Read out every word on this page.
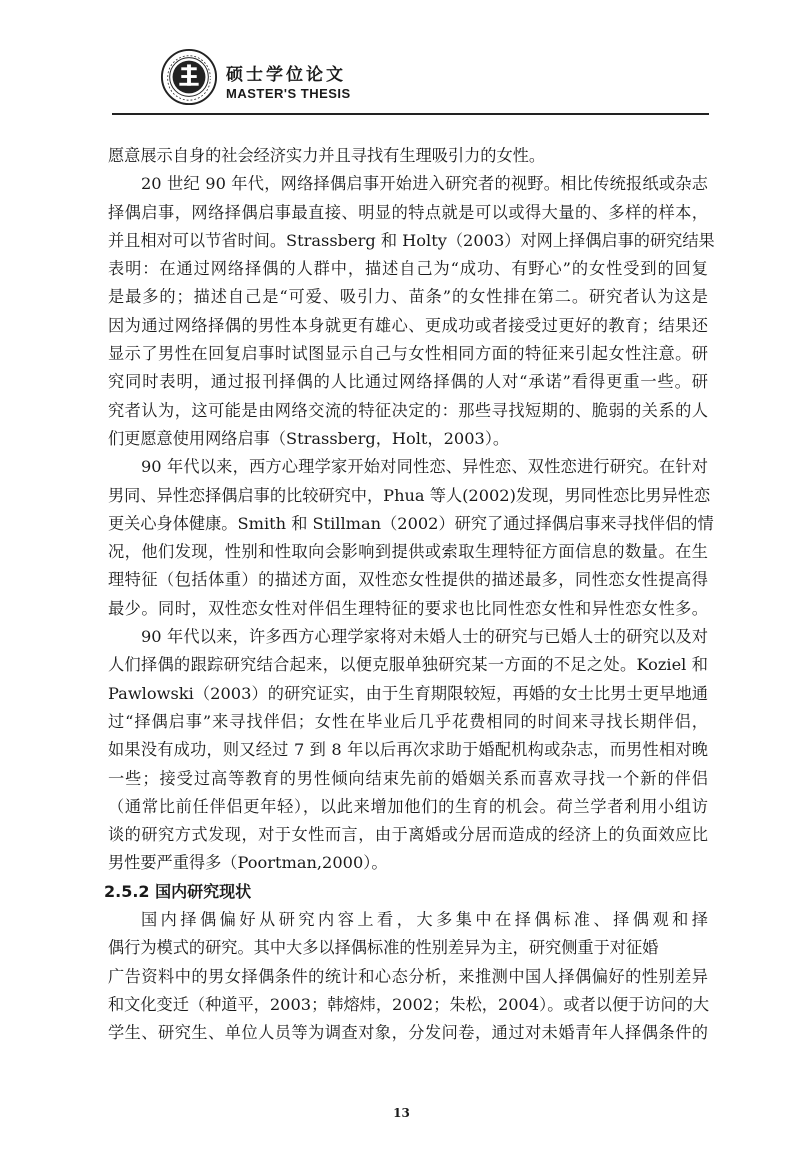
硕士学位论文
MASTER'S THESIS
愿意展示自身的社会经济实力并且寻找有生理吸引力的女性。
20 世纪 90 年代，网络择偶启事开始进入研究者的视野。相比传统报纸或杂志
择偶启事，网络择偶启事最直接、明显的特点就是可以或得大量的、多样的样本，
并且相对可以节省时间。Strassberg 和 Holty（2003）对网上择偶启事的研究结果
表明：在通过网络择偶的人群中，描述自己为“成功、有野心”的女性受到的回复
是最多的；描述自己是“可爱、吸引力、苗条”的女性排在第二。研究者认为这是
因为通过网络择偶的男性本身就更有雄心、更成功或者接受过更好的教育；结果还
显示了男性在回复启事时试图显示自己与女性相同方面的特征来引起女性注意。研
究同时表明，通过报刊择偶的人比通过网络择偶的人对“承诺”看得更重一些。研
究者认为，这可能是由网络交流的特征决定的：那些寻找短期的、脆弱的关系的人
们更愿意使用网络启事（Strassberg，Holt，2003）。
90 年代以来，西方心理学家开始对同性恋、异性恋、双性恋进行研究。在针对
男同、异性恋择偶启事的比较研究中，Phua 等人(2002)发现，男同性恋比男异性恋
更关心身体健康。Smith 和 Stillman（2002）研究了通过择偶启事来寻找伴侣的情
况，他们发现，性别和性取向会影响到提供或索取生理特征方面信息的数量。在生
理特征（包括体重）的描述方面，双性恋女性提供的描述最多，同性恋女性提高得
最少。同时，双性恋女性对伴侣生理特征的要求也比同性恋女性和异性恋女性多。
90 年代以来，许多西方心理学家将对未婚人士的研究与已婚人士的研究以及对
人们择偶的跟踪研究结合起来，以便克服单独研究某一方面的不足之处。Koziel 和
Pawlowski（2003）的研究证实，由于生育期限较短，再婚的女士比男士更早地通
过“择偶启事”来寻找伴侣；女性在毕业后几乎花费相同的时间来寻找长期伴侣，
如果没有成功，则又经过 7 到 8 年以后再次求助于婚配机构或杂志，而男性相对晚
一些；接受过高等教育的男性倾向结束先前的婚姻关系而喜欢寻找一个新的伴侣
（通常比前任伴侣更年轻），以此来增加他们的生育的机会。荷兰学者利用小组访
谈的研究方式发现，对于女性而言，由于离婚或分居而造成的经济上的负面效应比
男性要严重得多（Poortman,2000）。
2.5.2 国内研究现状
国内择偶偏好从研究内容上看，大多集中在择偶标准、择偶观和择
偶行为模式的研究。其中大多以择偶标准的性别差异为主，研究侧重于对征婚
广告资料中的男女择偶条件的统计和心态分析，来推测中国人择偶偏好的性别差异
和文化变迁（种道平，2003；韩熔炜，2002；朱松，2004）。或者以便于访问的大
学生、研究生、单位人员等为调查对象，分发问卷，通过对未婚青年人择偶条件的
13
